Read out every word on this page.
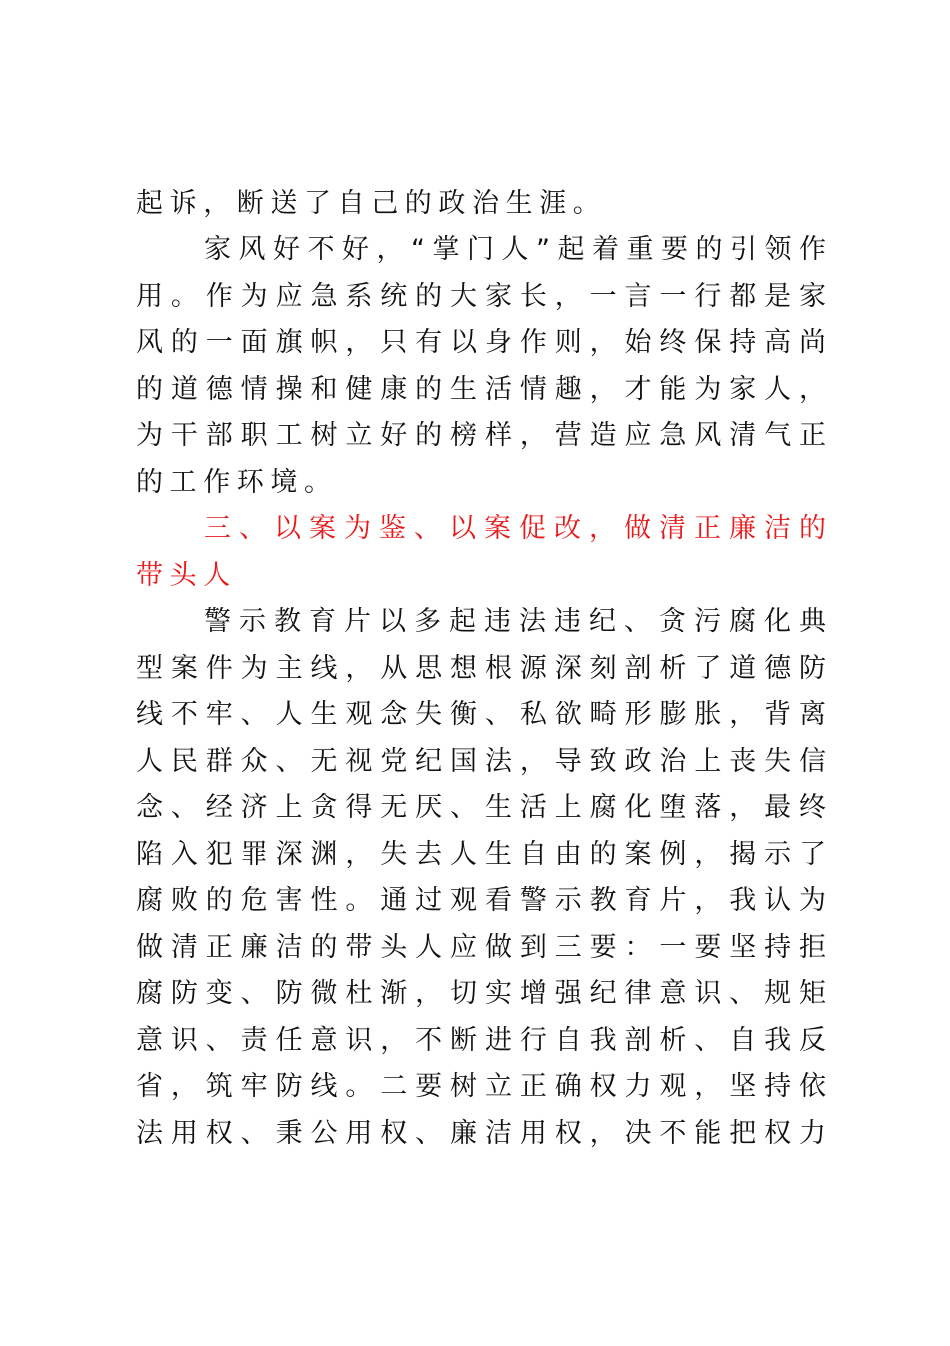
起诉，断送了自己的政治生涯。
家风好不好，“掌门人”起着重要的引领作
用。作为应急系统的大家长，一言一行都是家
风的一面旗帜，只有以身作则，始终保持高尚
的道德情操和健康的生活情趣，才能为家人，
为干部职工树立好的榜样，营造应急风清气正
的工作环境。
三、以案为鉴、以案促改，做清正廉洁的
带头人
警示教育片以多起违法违纪、贪污腐化典
型案件为主线，从思想根源深刻剖析了道德防
线不牢、人生观念失衡、私欲畸形膨胀，背离
人民群众、无视党纪国法，导致政治上丧失信
念、经济上贪得无厌、生活上腐化堕落，最终
陷入犯罪深渊，失去人生自由的案例，揭示了
腐败的危害性。通过观看警示教育片，我认为
做清正廉洁的带头人应做到三要：一要坚持拒
腐防变、防微杜渐，切实增强纪律意识、规矩
意识、责任意识，不断进行自我剖析、自我反
省，筑牢防线。二要树立正确权力观，坚持依
法用权、秉公用权、廉洁用权，决不能把权力
